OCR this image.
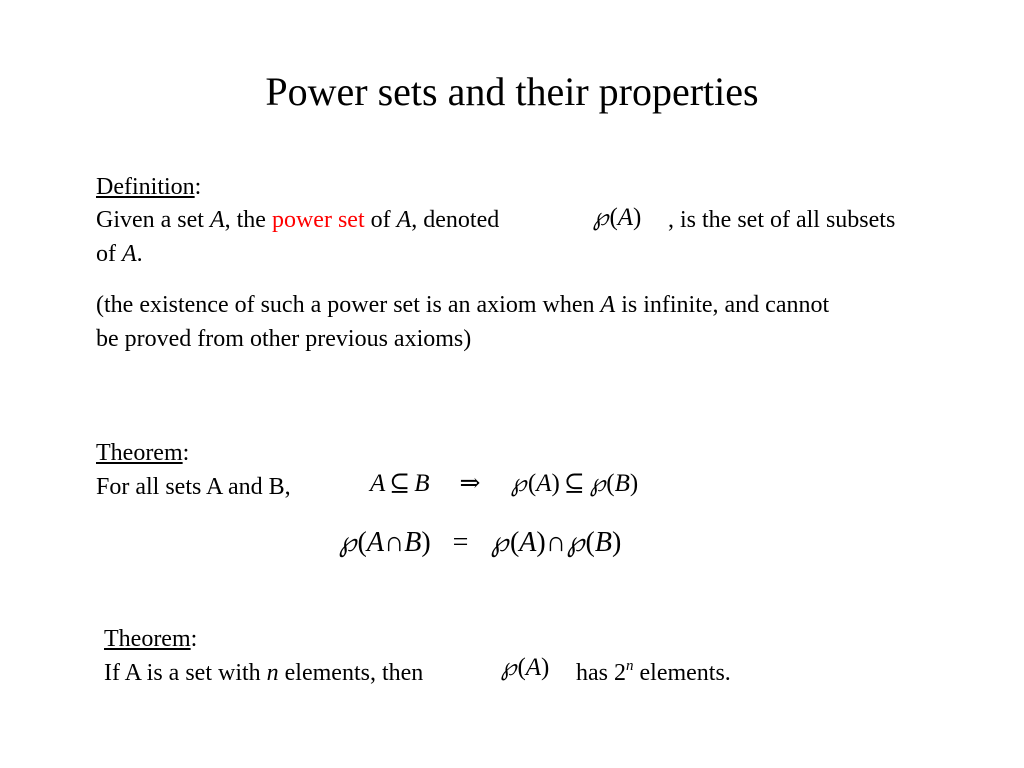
Power sets and their properties
Definition:
Given a set A, the power set of A, denoted	℘(A) , is the set of all subsets
of A.
(the existence of such a power set is an axiom when A is infinite, and cannot
be proved from other previous axioms)
Theorem:
For all sets A and B,	A ⊆ B ⇒ ℘(A) ⊆ ℘(B)
℘(A∩B) = ℘(A)∩℘(B)
Theorem:
If A is a set with n elements, then	℘(A) has 2$^n$ elements.
